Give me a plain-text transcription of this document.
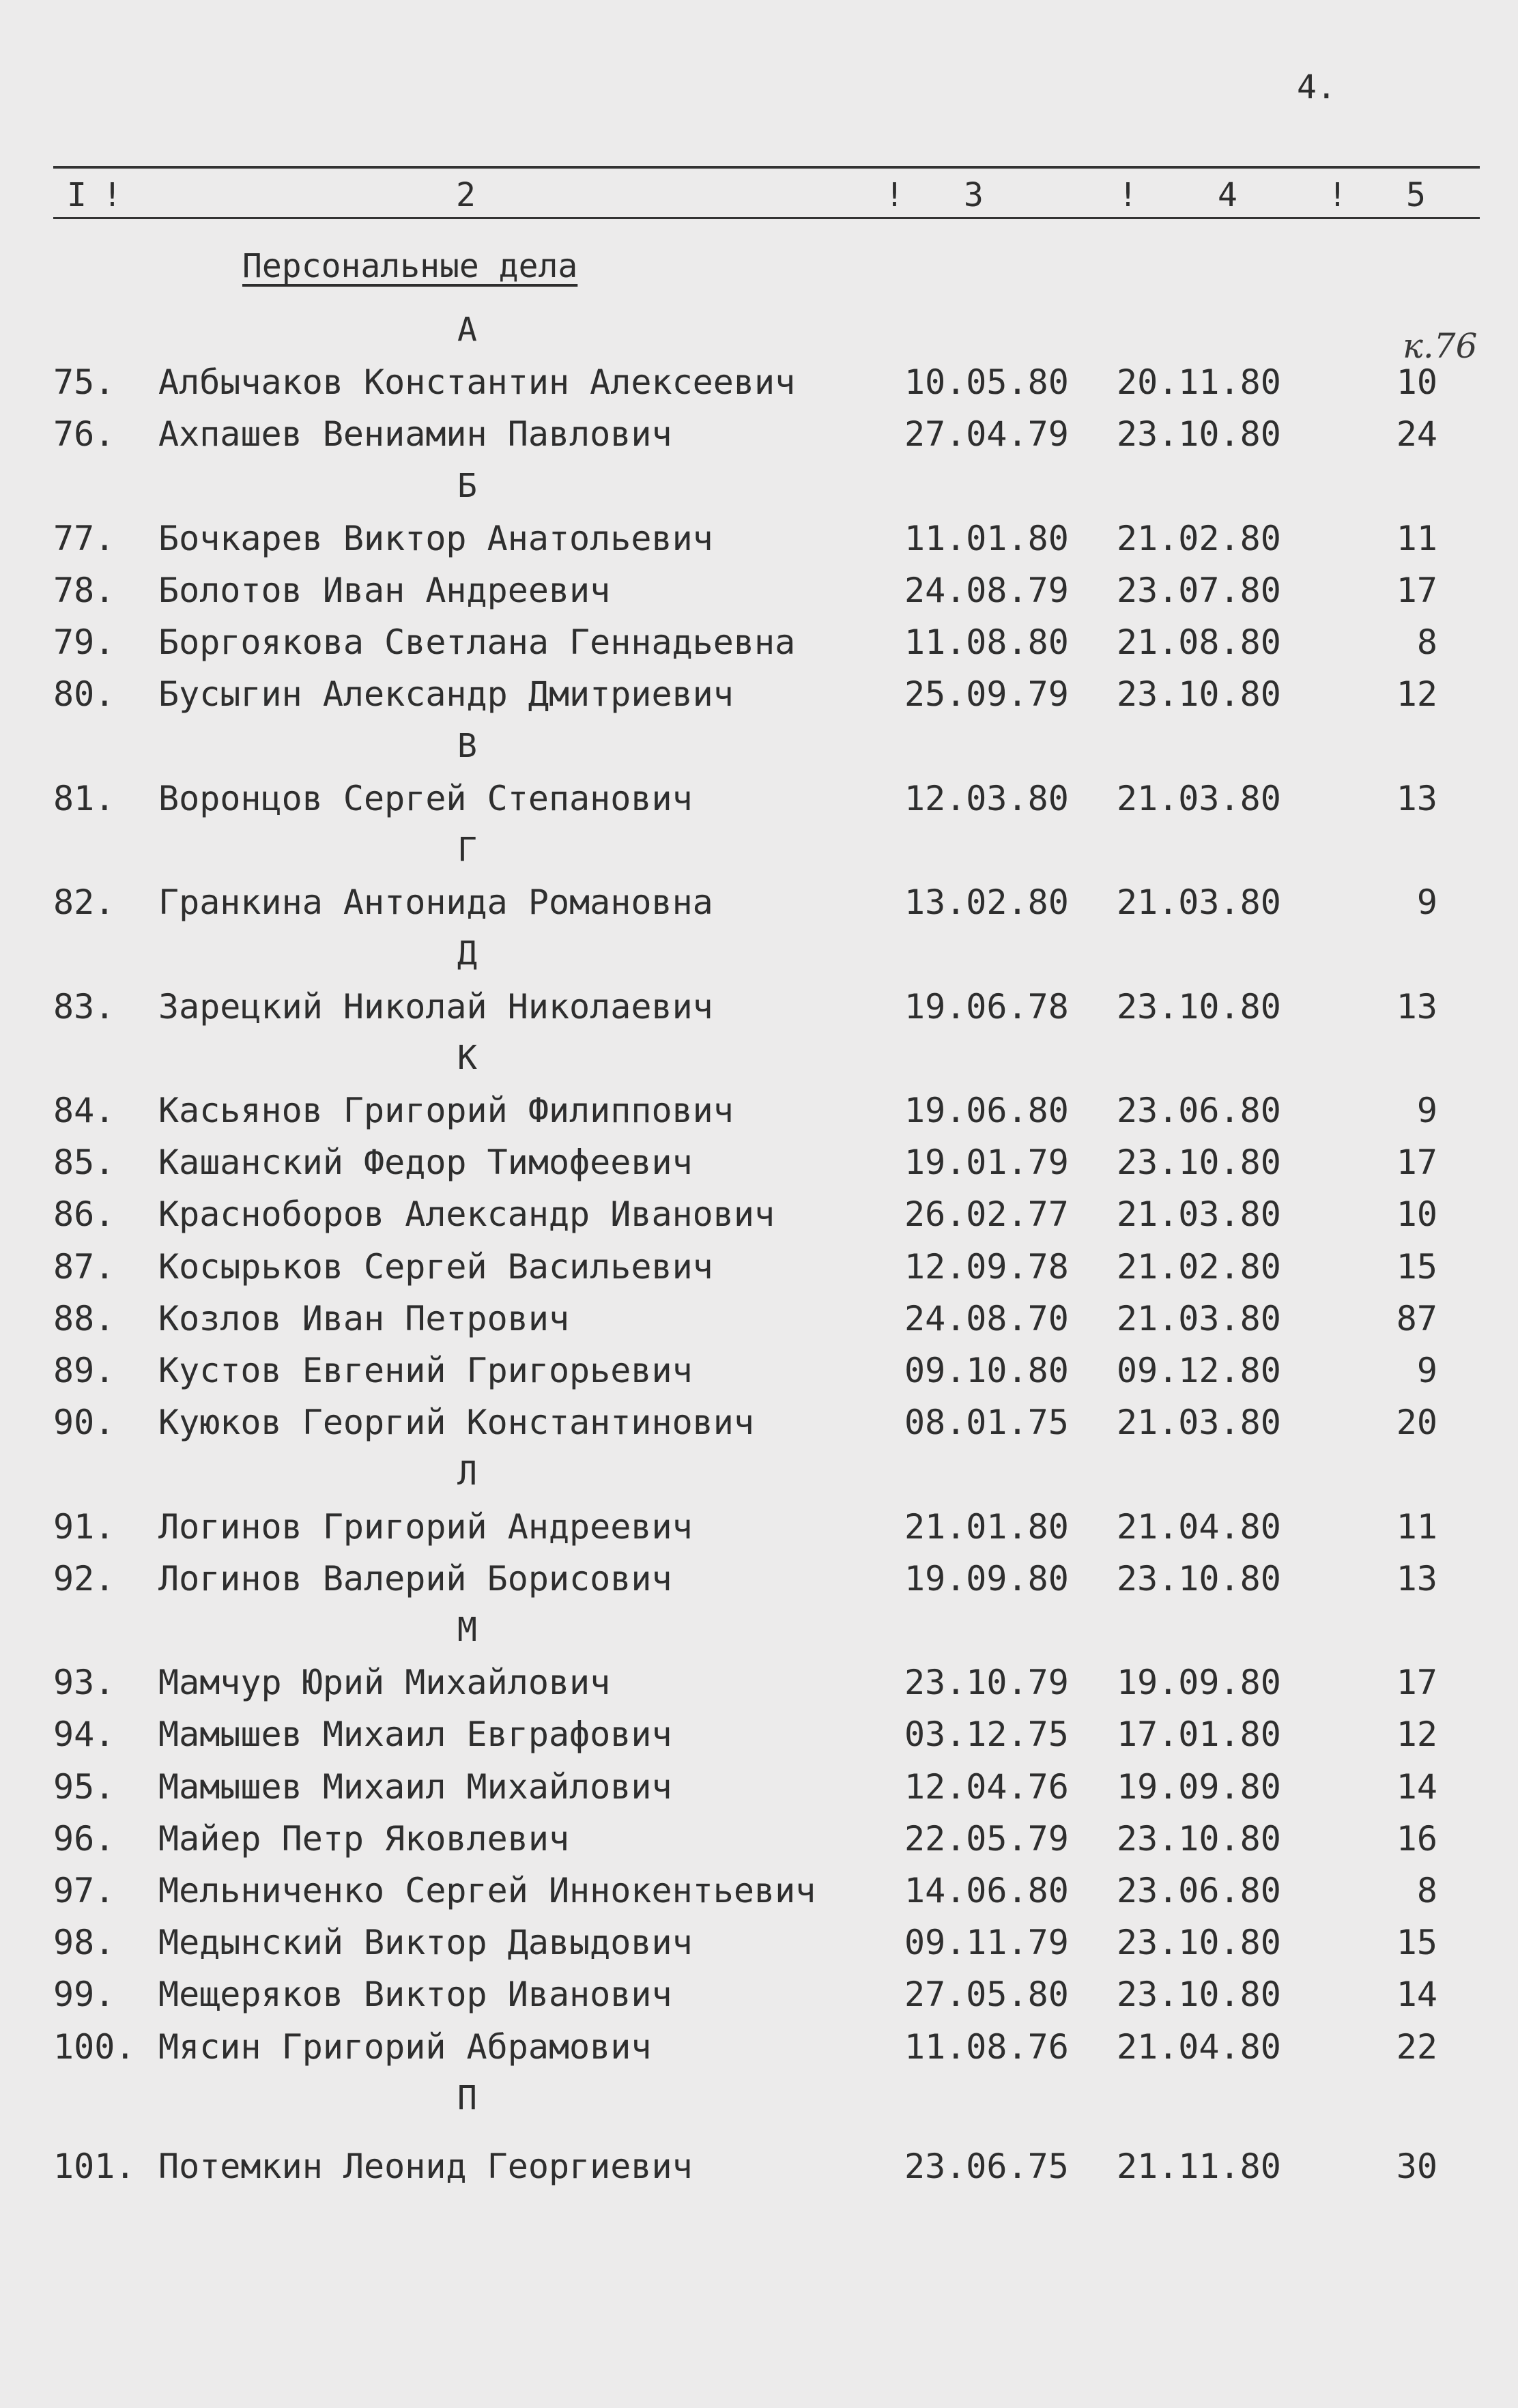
4.
к.76
I !	2	! 3	! 4	! 5
Персональные дела
А
75. Албычаков Константин Алексеевич	10.05.80 20.11.80	10
76. Ахпашев Вениамин Павлович	27.04.79 23.10.80	24
Б
77. Бочкарев Виктор Анатольевич	11.01.80 21.02.80	11
78. Болотов Иван Андреевич	24.08.79 23.07.80	17
79. Боргоякова Светлана Геннадьевна	11.08.80 21.08.80	8
80. Бусыгин Александр Дмитриевич	25.09.79 23.10.80	12
В
81. Воронцов Сергей Степанович	12.03.80 21.03.80	13
Г
82. Гранкина Антонида Романовна	13.02.80 21.03.80	9
Д
83. Зарецкий Николай Николаевич	19.06.78 23.10.80	13
К
84. Касьянов Григорий Филиппович	19.06.80 23.06.80	9
85. Кашанский Федор Тимофеевич	19.01.79 23.10.80	17
86. Красноборов Александр Иванович	26.02.77 21.03.80	10
87. Косырьков Сергей Васильевич	12.09.78 21.02.80	15
88. Козлов Иван Петрович	24.08.70 21.03.80	87
89. Кустов Евгений Григорьевич	09.10.80 09.12.80	9
90. Куюков Георгий Константинович	08.01.75 21.03.80	20
Л
91. Логинов Григорий Андреевич	21.01.80 21.04.80	11
92. Логинов Валерий Борисович	19.09.80 23.10.80	13
М
93. Мамчур Юрий Михайлович	23.10.79 19.09.80	17
94. Мамышев Михаил Евграфович	03.12.75 17.01.80	12
95. Мамышев Михаил Михайлович	12.04.76 19.09.80	14
96. Майер Петр Яковлевич	22.05.79 23.10.80	16
97. Мельниченко Сергей Иннокентьевич	14.06.80 23.06.80	8
98. Медынский Виктор Давыдович	09.11.79 23.10.80	15
99. Мещеряков Виктор Иванович	27.05.80 23.10.80	14
100. Мясин Григорий Абрамович	11.08.76 21.04.80	22
П
101. Потемкин Леонид Георгиевич	23.06.75 21.11.80	30
